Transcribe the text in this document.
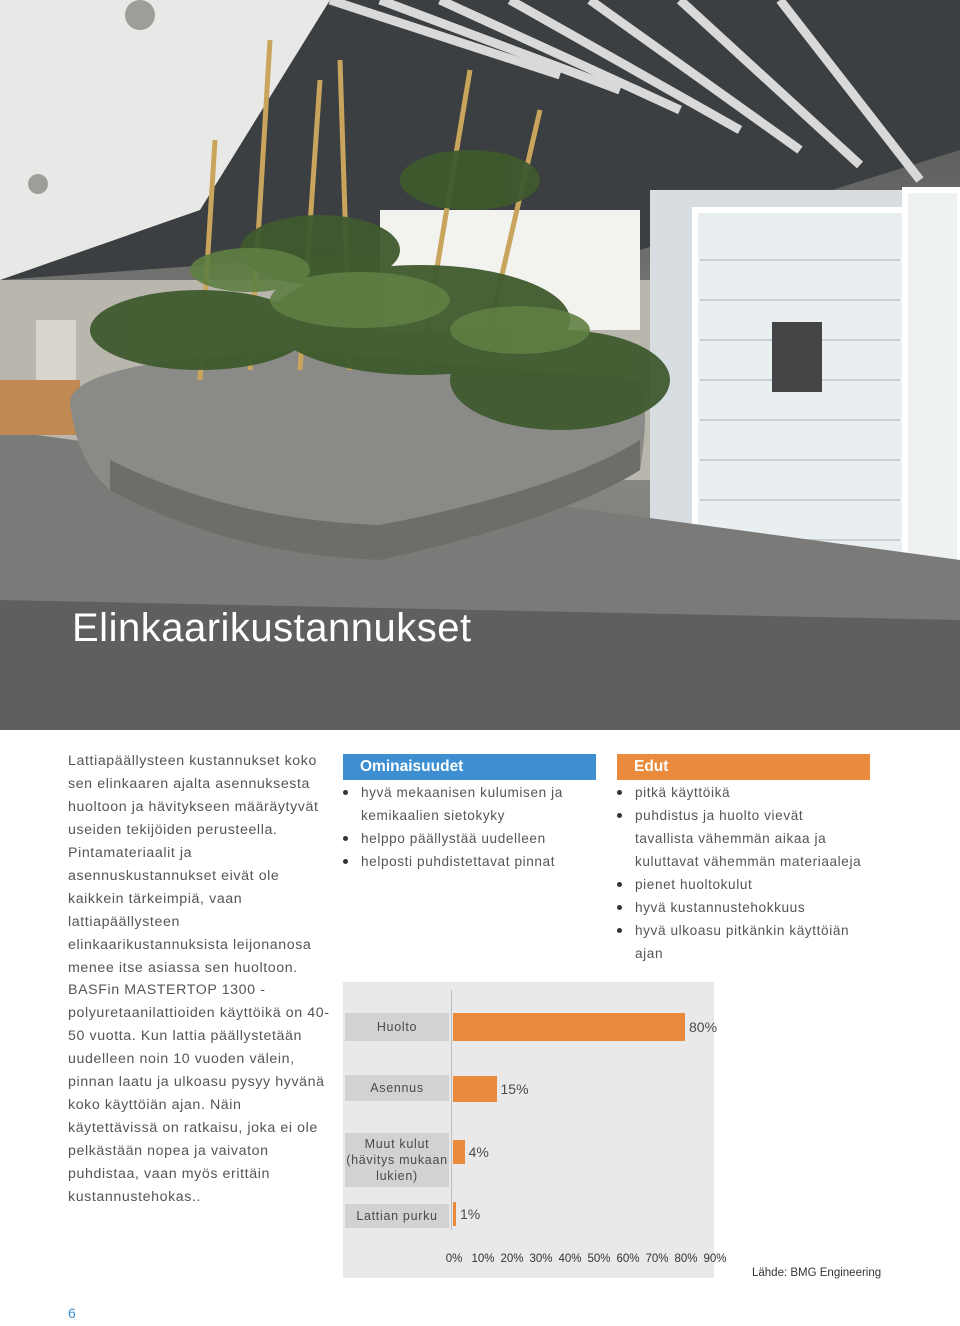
Elinkaarikustannukset

Lattiapäällysteen kustannukset koko sen elinkaaren ajalta asennuksesta huoltoon ja hävitykseen määräytyvät useiden tekijöiden perusteella. Pintamateriaalit ja asennuskustannukset eivät ole kaikkein tärkeimpiä, vaan lattiapäällysteen elinkaarikustannuksista leijonanosa menee itse asiassa sen huoltoon.

BASFin MASTERTOP 1300 -polyuretaanilattioiden käyttöikä on 40-50 vuotta. Kun lattia päällystetään uudelleen noin 10 vuoden välein, pinnan laatu ja ulkoasu pysyy hyvänä koko käyttöiän ajan. Näin käytettävissä on ratkaisu, joka ei ole pelkästään nopea ja vaivaton puhdistaa, vaan myös erittäin kustannustehokas..

Ominaisuudet
hyvä mekaanisen kulumisen ja kemikaalien sietokyky
helppo päällystää uudelleen
helposti puhdistettavat pinnat
Edut
pitkä käyttöikä
puhdistus ja huolto vievät tavallista vähemmän aikaa ja kuluttavat vähemmän materiaaleja
pienet huoltokulut
hyvä kustannustehokkuus
hyvä ulkoasu pitkänkin käyttöiän ajan
Huolto	80%
Asennus	15%
Muut kulut (hävitys mukaan lukien)
4%
Lattian purku	1%
0% 10% 20% 30% 40% 50% 60% 70% 80% 90%
Lähde: BMG Engineering
6
